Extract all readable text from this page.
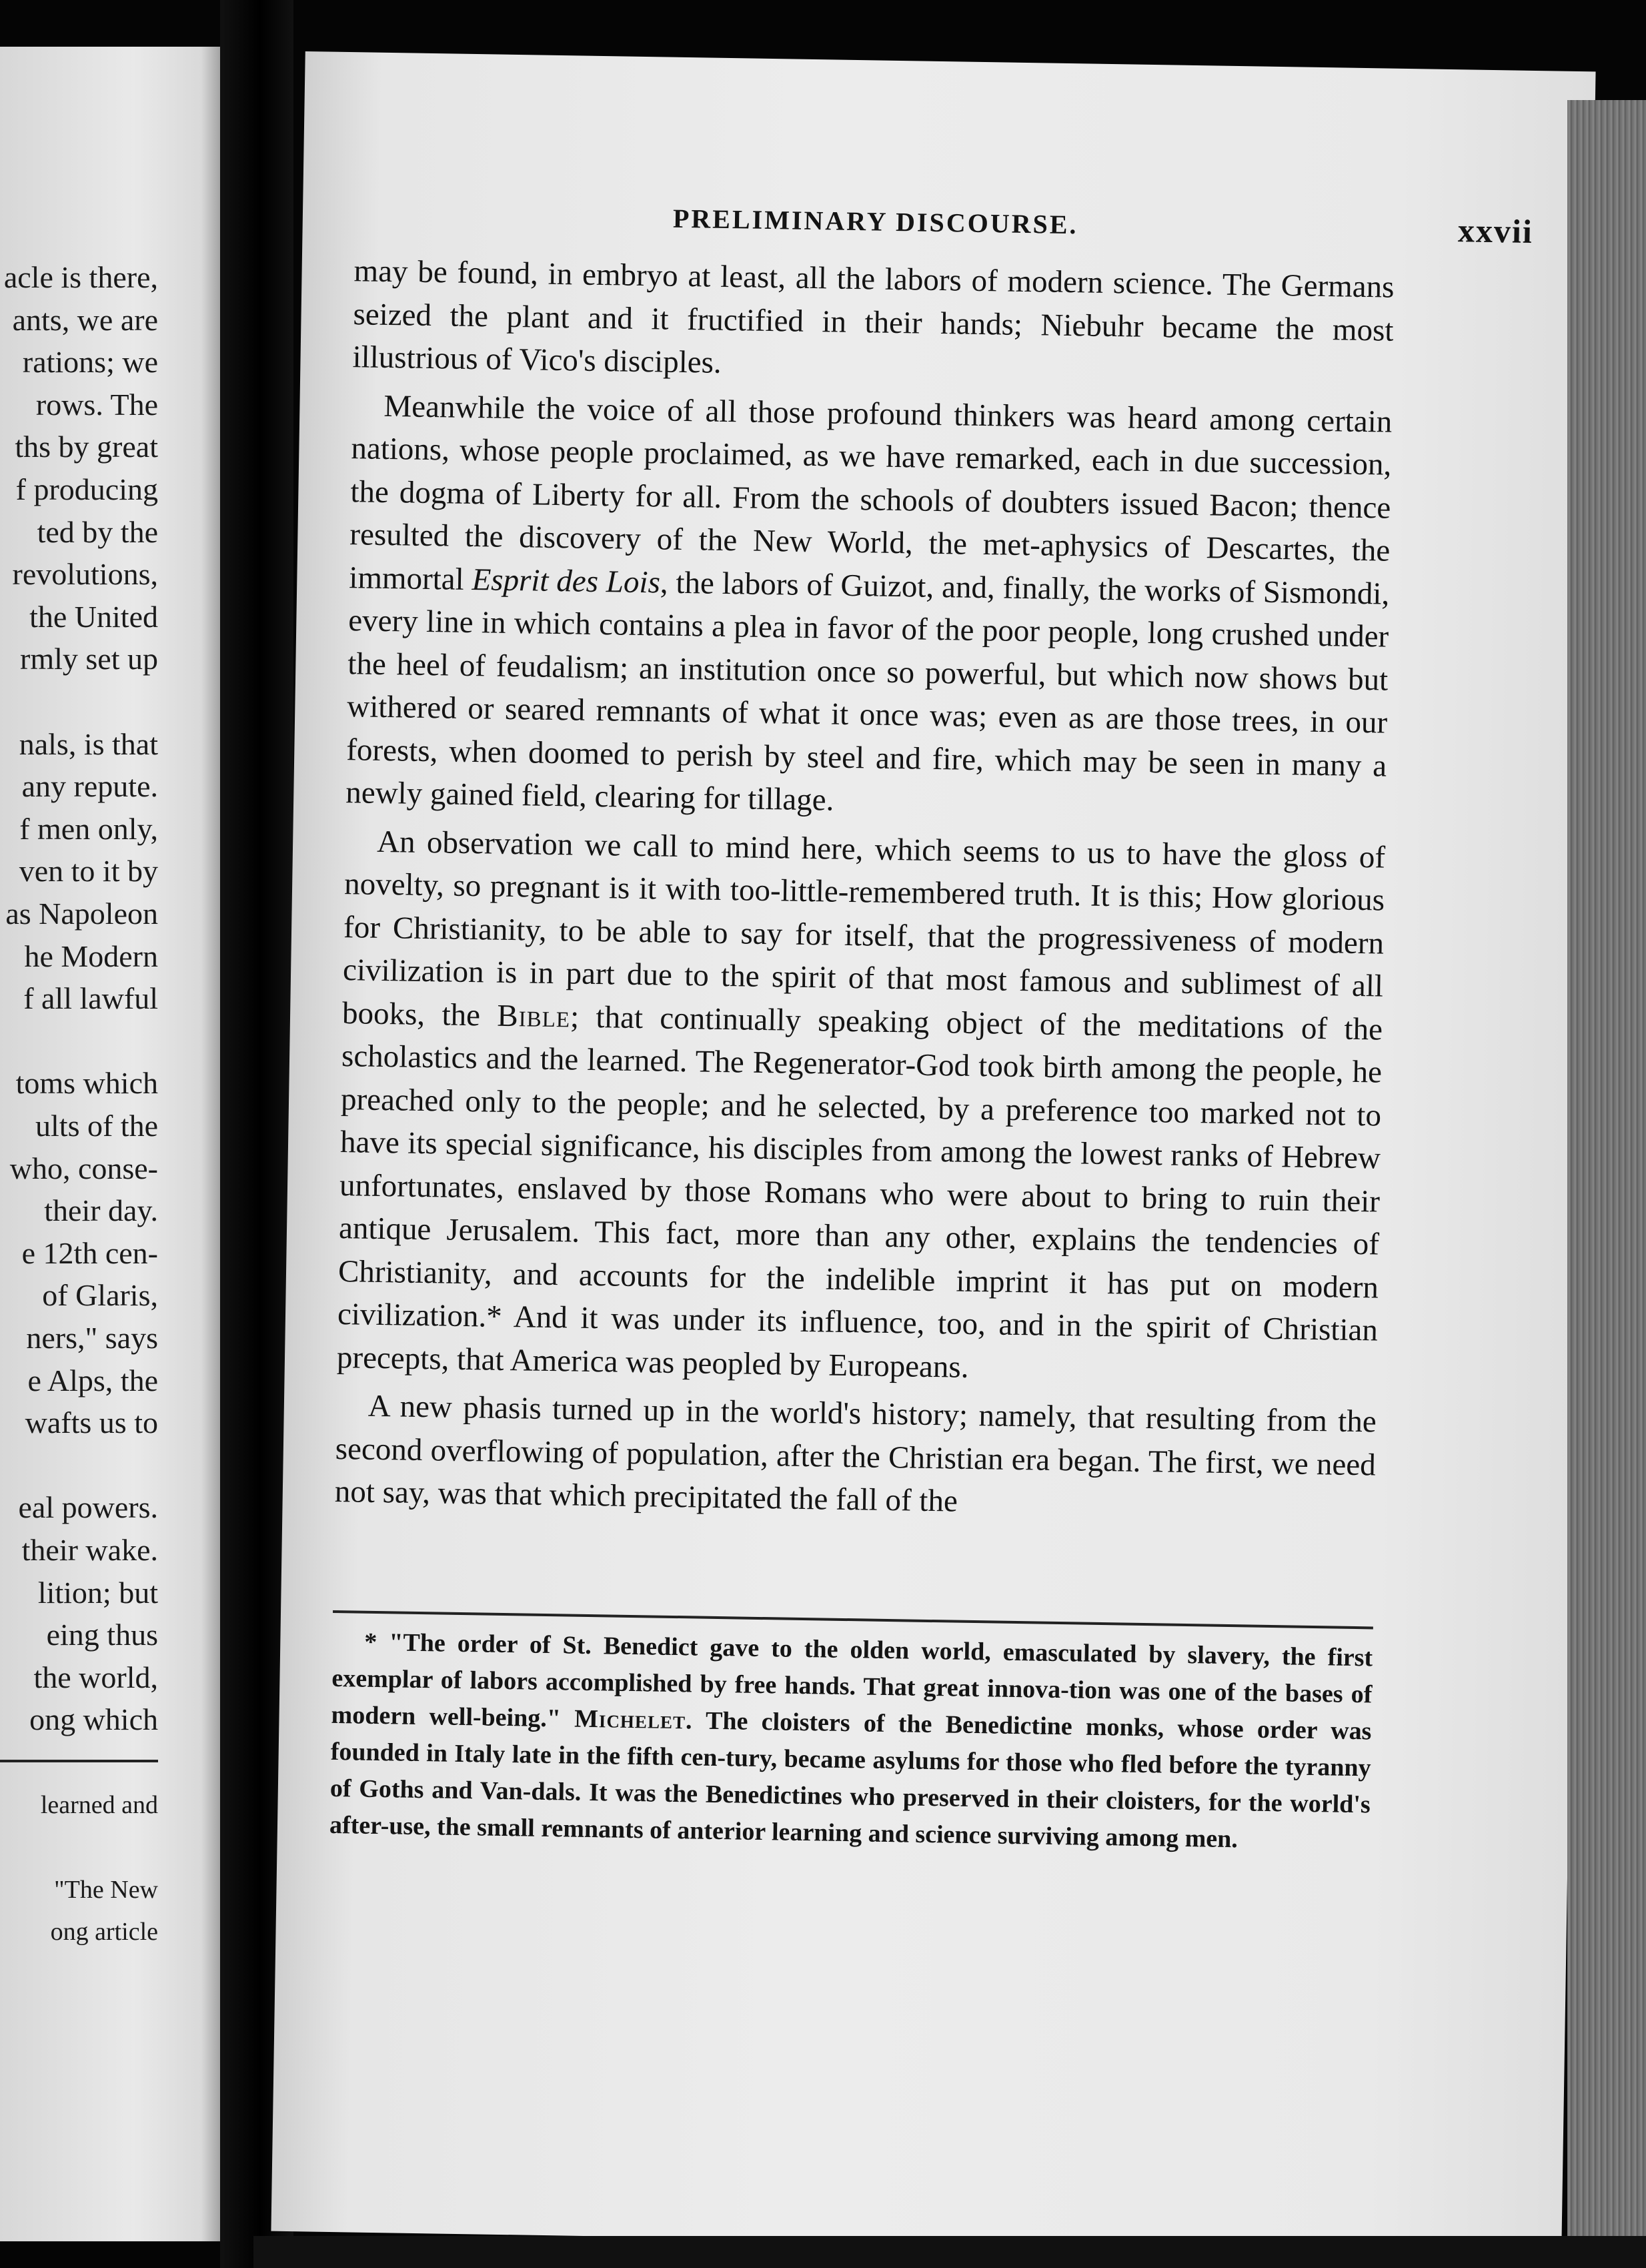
acle is there,
ants, we are
rations; we
rows. The
ths by great
f producing
ted by the
revolutions,
the United
rmly set up
nals, is that
any repute.
f men only,
ven to it by
as Napoleon
he Modern
f all lawful
toms which
ults of the
who, conse-
their day.
e 12th cen-
of Glaris,
ners," says
e Alps, the
wafts us to
eal powers.
their wake.
lition; but
eing thus
the world,
ong which
learned and
"The New
ong article
PRELIMINARY DISCOURSE.	xxvii

may be found, in embryo at least, all the labors of modern science. The Germans seized the plant and it fructified in their hands; Niebuhr became the most illustrious of Vico's disciples.

Meanwhile the voice of all those profound thinkers was heard among certain nations, whose people proclaimed, as we have remarked, each in due succession, the dogma of Liberty for all. From the schools of doubters issued Bacon; thence resulted the discovery of the New World, the met-aphysics of Descartes, the immortal Esprit des Lois, the labors of Guizot, and, finally, the works of Sismondi, every line in which contains a plea in favor of the poor people, long crushed under the heel of feudalism; an institution once so powerful, but which now shows but withered or seared remnants of what it once was; even as are those trees, in our forests, when doomed to perish by steel and fire, which may be seen in many a newly gained field, clearing for tillage.

An observation we call to mind here, which seems to us to have the gloss of novelty, so pregnant is it with too-little-remembered truth. It is this; How glorious for Christianity, to be able to say for itself, that the progressiveness of modern civilization is in part due to the spirit of that most famous and sublimest of all books, the Bible; that continually speaking object of the meditations of the scholastics and the learned. The Regenerator-God took birth among the people, he preached only to the people; and he selected, by a preference too marked not to have its special significance, his disciples from among the lowest ranks of Hebrew unfortunates, enslaved by those Romans who were about to bring to ruin their antique Jerusalem. This fact, more than any other, explains the tendencies of Christianity, and accounts for the indelible imprint it has put on modern civilization.* And it was under its influence, too, and in the spirit of Christian precepts, that America was peopled by Europeans.

A new phasis turned up in the world's history; namely, that resulting from the second overflowing of population, after the Christian era began. The first, we need not say, was that which precipitated the fall of the

* "The order of St. Benedict gave to the olden world, emasculated by slavery, the first exemplar of labors accomplished by free hands. That great innova-tion was one of the bases of modern well-being." Michelet. The cloisters of the Benedictine monks, whose order was founded in Italy late in the fifth cen-tury, became asylums for those who fled before the tyranny of Goths and Van-dals. It was the Benedictines who preserved in their cloisters, for the world's after-use, the small remnants of anterior learning and science surviving among men.
